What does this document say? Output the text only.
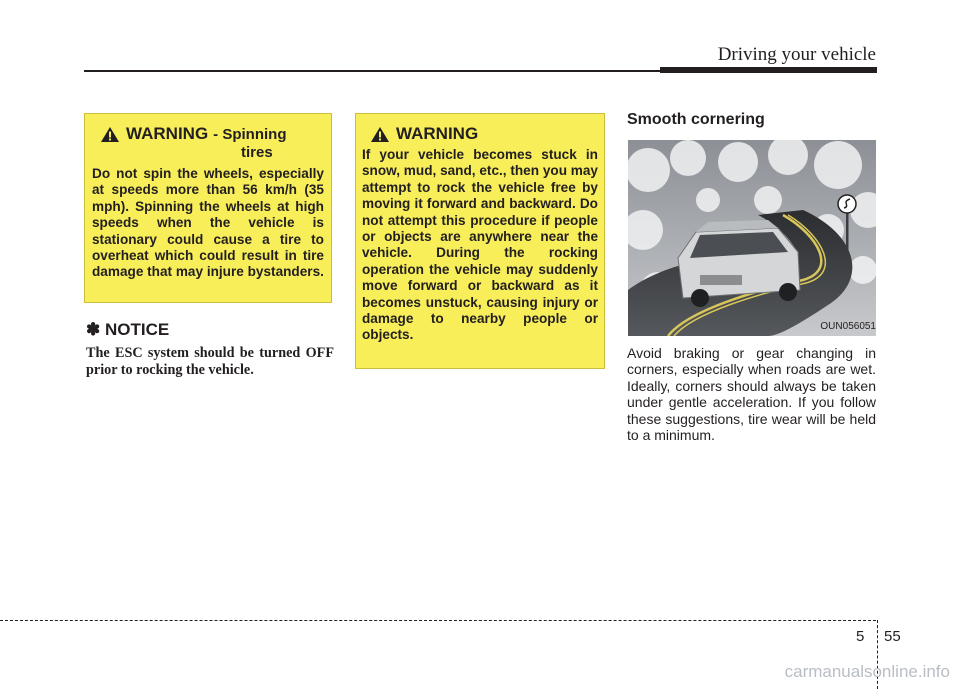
Driving your vehicle
WARNING - Spinning
tires

Do not spin the wheels, especially at speeds more than 56 km/h (35 mph). Spinning the wheels at high speeds when the vehicle is stationary could cause a tire to overheat which could result in tire damage that may injure bystanders.

WARNING

If your vehicle becomes stuck in snow, mud, sand, etc., then you may attempt to rock the vehicle free by moving it forward and backward. Do not attempt this procedure if people or objects are anywhere near the vehicle. During the rocking operation the vehicle may suddenly move forward or backward as it becomes unstuck, causing injury or damage to nearby people or objects.

✽ NOTICE

The ESC system should be turned OFF prior to rocking the vehicle.

Smooth cornering
OUN056051

Avoid braking or gear changing in corners, especially when roads are wet. Ideally, corners should always be taken under gentle acceleration. If you follow these suggestions, tire wear will be held to a minimum.

5 55
carmanualsonline.info
